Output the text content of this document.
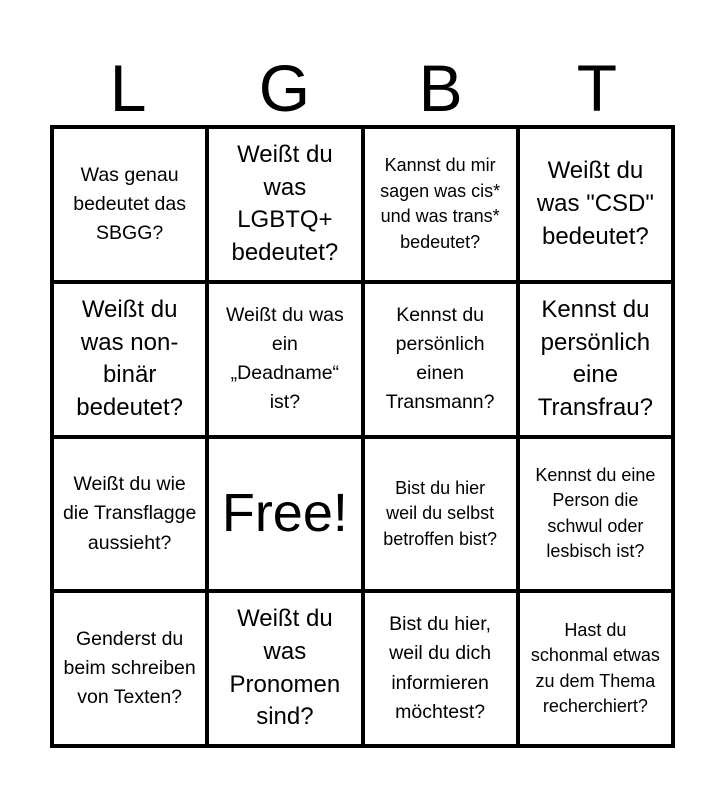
L	G	B	T
Was genau bedeutet das SBGG?
Weißt du was LGBTQ+ bedeutet?
Kannst du mir sagen was cis* und was trans* bedeutet?
Weißt du was "CSD" bedeutet?
Weißt du was non-binär bedeutet?
Weißt du was ein „Deadname“ ist?
Kennst du persönlich einen Transmann?
Kennst du persönlich eine Transfrau?
Weißt du wie die Transflagge aussieht? Free!	Bist du hier weil du selbst betroffen bist?
Kennst du eine Person die schwul oder lesbisch ist?
Genderst du beim schreiben von Texten?
Weißt du was Pronomen sind?
Bist du hier, weil du dich informieren möchtest?
Hast du schonmal etwas zu dem Thema recherchiert?
